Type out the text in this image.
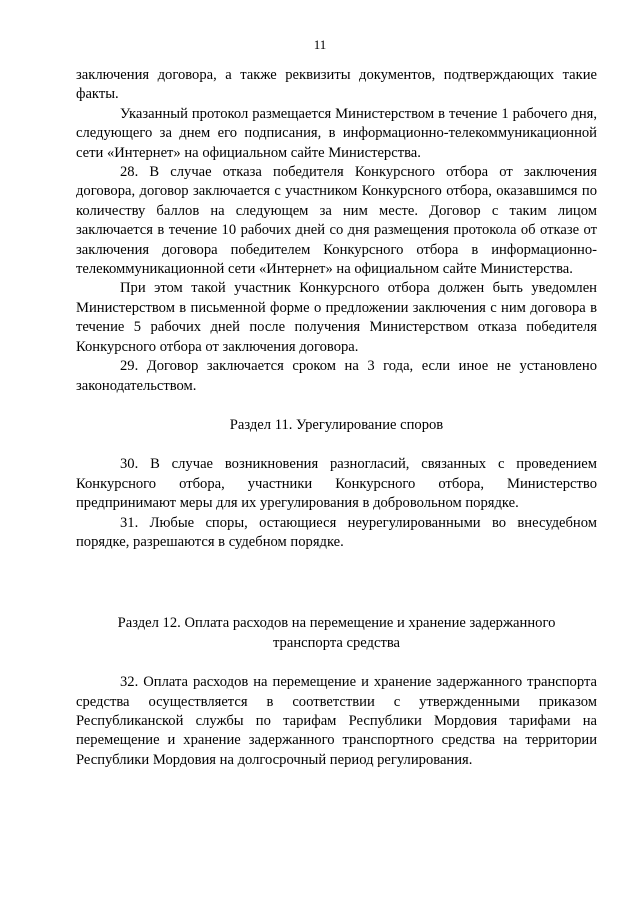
11

заключения договора, а также реквизиты документов, подтверждающих такие факты.

Указанный протокол размещается Министерством в течение 1 рабочего дня, следующего за днем его подписания, в информационно-телекоммуникационной сети «Интернет» на официальном сайте Министерства.

28. В случае отказа победителя Конкурсного отбора от заключения договора, договор заключается с участником Конкурсного отбора, оказавшимся по количеству баллов на следующем за ним месте. Договор с таким лицом заключается в течение 10 рабочих дней со дня размещения протокола об отказе от заключения договора победителем Конкурсного отбора в информационно-телекоммуникационной сети «Интернет» на официальном сайте Министерства.

При этом такой участник Конкурсного отбора должен быть уведомлен Министерством в письменной форме о предложении заключения с ним договора в течение 5 рабочих дней после получения Министерством отказа победителя Конкурсного отбора от заключения договора.

29. Договор заключается сроком на 3 года, если иное не установлено законодательством.

Раздел 11. Урегулирование споров

30. В случае возникновения разногласий, связанных с проведением Конкурсного отбора, участники Конкурсного отбора, Министерство предпринимают меры для их урегулирования в добровольном порядке.

31. Любые споры, остающиеся неурегулированными во внесудебном порядке, разрешаются в судебном порядке.

Раздел 12. Оплата расходов на перемещение и хранение задержанного

транспорта средства

32. Оплата расходов на перемещение и хранение задержанного транспорта средства осуществляется в соответствии с утвержденными приказом Республиканской службы по тарифам Республики Мордовия тарифами на перемещение и хранение задержанного транспортного средства на территории Республики Мордовия на долгосрочный период регулирования.
